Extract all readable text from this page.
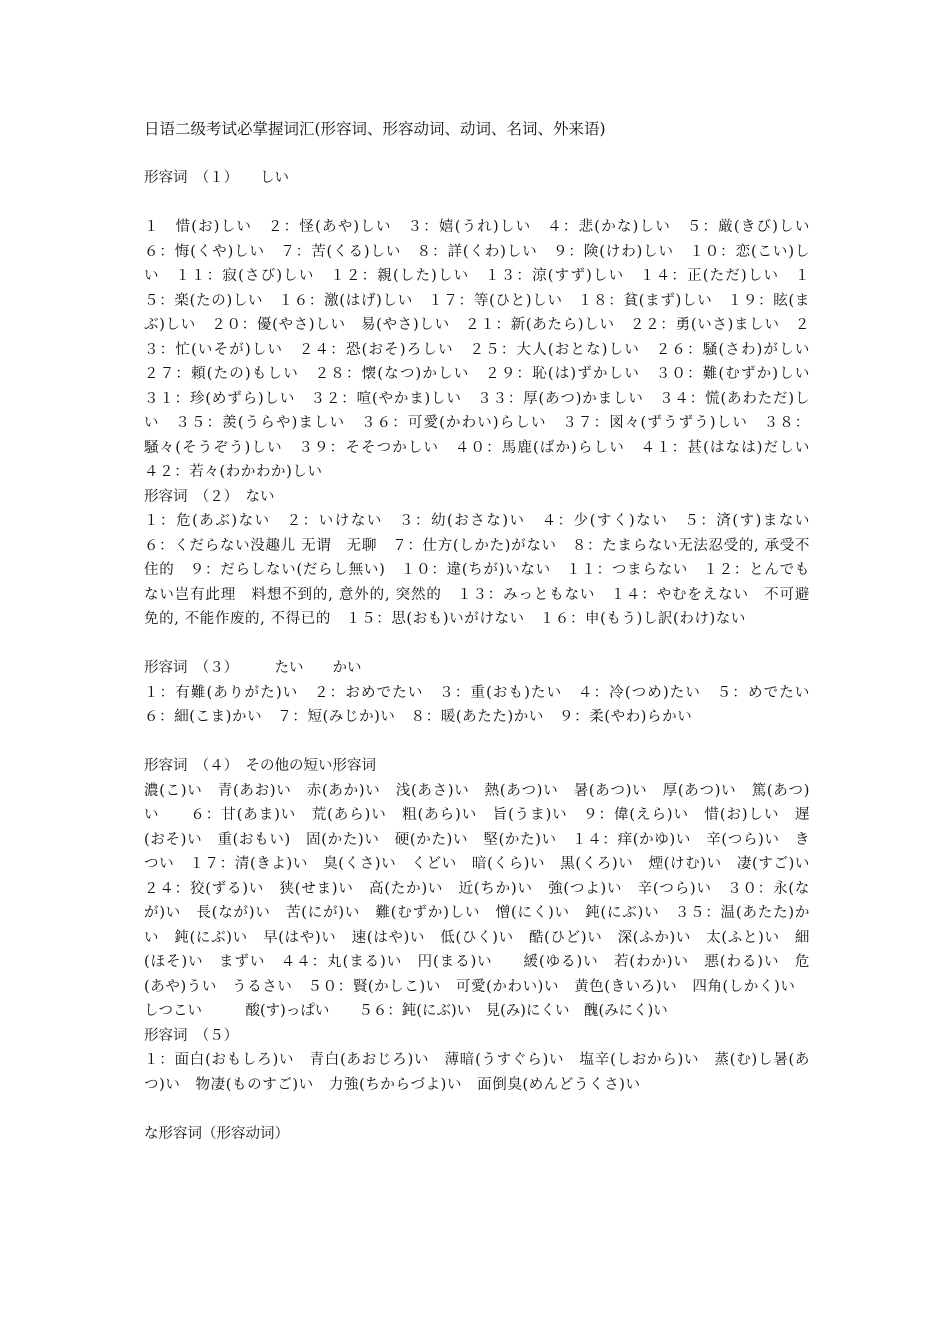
日语二级考试必掌握词汇(形容词、形容动词、动词、名词、外来语)

形容词　（１）　　しい

１　惜(お)しい　２：怪(あや)しい　３：嬉(うれ)しい　４：悲(かな)しい　５：厳(きび)しい　６：悔(くや)しい　７：苦(くる)しい　８：詳(くわ)しい　９：険(けわ)しい　１０：恋(こい)しい　１１：寂(さび)しい　１２：親(した)しい　１３：涼(すず)しい　１４：正(ただ)しい　１５：楽(たの)しい　１６：激(はげ)しい　１７：等(ひと)しい　１８：貧(まず)しい　１９：眩(まぶ)しい　２０：優(やさ)しい　易(やさ)しい　２１：新(あたら)しい　２２：勇(いさ)ましい　２３：忙(いそが)しい　２４：恐(おそ)ろしい　２５：大人(おとな)しい　２６：騒(さわ)がしい　２７：頼(たの)もしい　２８：懐(なつ)かしい　２９：恥(は)ずかしい　３０：難(むずか)しい　３１：珍(めずら)しい　３２：喧(やかま)しい　３３：厚(あつ)かましい　３４：慌(あわただ)しい　３５：羨(うらや)ましい　３６：可愛(かわい)らしい　３７：図々(ずうずう)しい　３８：騒々(そうぞう)しい　３９：そそつかしい　４０：馬鹿(ばか)らしい　４１：甚(はなは)だしい　４２：若々(わかわか)しい

形容词　（２）　ない

１：危(あぶ)ない　２：いけない　３：幼(おさな)い　４：少(すく)ない　５：済(す)まない　６：くだらない没趣儿 无谓　无聊　７：仕方(しかた)がない　８：たまらない无法忍受的, 承受不住的　９：だらしない(だらし無い)　１０：違(ちが)いない　１１：つまらない　１２：とんでもない岂有此理　料想不到的, 意外的, 突然的　１３：みっともない　１４：やむをえない　不可避免的, 不能作废的, 不得已的　１５：思(おも)いがけない　１６：申(もう)し訳(わけ)ない

形容词　（３）　　　たい　　かい

１：有難(ありがた)い　２：おめでたい　３：重(おも)たい　４：冷(つめ)たい　５：めでたい　６：細(こま)かい　７：短(みじか)い　８：暖(あたた)かい　９：柔(やわ)らかい

形容词　（４）　その他の短い形容词

濃(こ)い　青(あお)い　赤(あか)い　浅(あさ)い　熱(あつ)い　暑(あつ)い　厚(あつ)い　篤(あつ)い　　６：甘(あま)い　荒(あら)い　粗(あら)い　旨(うま)い　９：偉(えら)い　惜(お)しい　遅(おそ)い　重(おもい)　固(かた)い　硬(かた)い　堅(かた)い　１４：痒(かゆ)い　辛(つら)い　きつい　１７：清(きよ)い　臭(くさ)い　くどい　暗(くら)い　黒(くろ)い　煙(けむ)い　凄(すご)い　２４：狡(ずる)い　狭(せま)い　高(たか)い　近(ちか)い　強(つよ)い　辛(つら)い　３０：永(なが)い　長(なが)い　苦(にが)い　難(むずか)しい　憎(にく)い　鈍(にぶ)い　３５：温(あたた)かい　鈍(にぶ)い　早(はや)い　速(はや)い　低(ひく)い　酷(ひど)い　深(ふか)い　太(ふと)い　細(ほそ)い　まずい　４４：丸(まる)い　円(まる)い　　緩(ゆる)い　若(わか)い　悪(わる)い　危(あや)うい　うるさい　５０：賢(かしこ)い　可愛(かわい)い　黄色(きいろ)い　四角(しかく)い

しつこい　　　酸(す)っぱい　　５６：鈍(にぶ)い　見(み)にくい　醜(みにく)い

形容词　（５）

１：面白(おもしろ)い　青白(あおじろ)い　薄暗(うすぐら)い　塩辛(しおから)い　蒸(む)し暑(あつ)い　物凄(ものすご)い　力強(ちからづよ)い　面倒臭(めんどうくさ)い

な形容词（形容动词）
